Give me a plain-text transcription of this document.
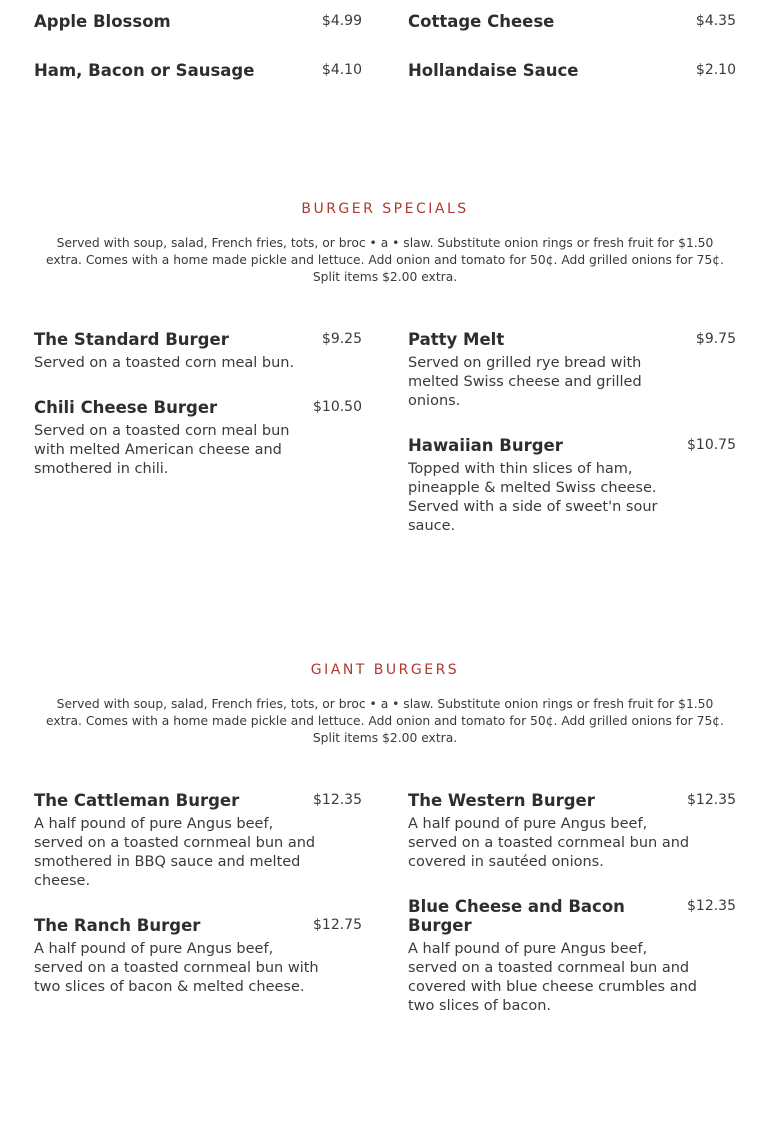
Apple Blossom	$4.99
Ham, Bacon or Sausage	$4.10
Cottage Cheese	$4.35
Hollandaise Sauce	$2.10
BURGER SPECIALS
Served with soup, salad, French fries, tots, or broc • a • slaw. Substitute onion rings or fresh fruit for $1.50 extra. Comes with a home made pickle and lettuce. Add onion and tomato for 50¢. Add grilled onions for 75¢. Split items $2.00 extra.
The Standard Burger	$9.25
Served on a toasted corn meal bun.
Chili Cheese Burger	$10.50
Served on a toasted corn meal bun with melted American cheese and smothered in chili.
Patty Melt	$9.75
Served on grilled rye bread with melted Swiss cheese and grilled onions.
Hawaiian Burger	$10.75
Topped with thin slices of ham, pineapple & melted Swiss cheese. Served with a side of sweet'n sour sauce.
GIANT BURGERS
Served with soup, salad, French fries, tots, or broc • a • slaw. Substitute onion rings or fresh fruit for $1.50 extra. Comes with a home made pickle and lettuce. Add onion and tomato for 50¢. Add grilled onions for 75¢. Split items $2.00 extra.
The Cattleman Burger	$12.35
A half pound of pure Angus beef, served on a toasted cornmeal bun and smothered in BBQ sauce and melted cheese.
The Ranch Burger	$12.75
A half pound of pure Angus beef, served on a toasted cornmeal bun with two slices of bacon & melted cheese.
The Western Burger	$12.35
A half pound of pure Angus beef, served on a toasted cornmeal bun and covered in sautéed onions.
Blue Cheese and Bacon Burger
$12.35
A half pound of pure Angus beef, served on a toasted cornmeal bun and covered with blue cheese crumbles and two slices of bacon.
